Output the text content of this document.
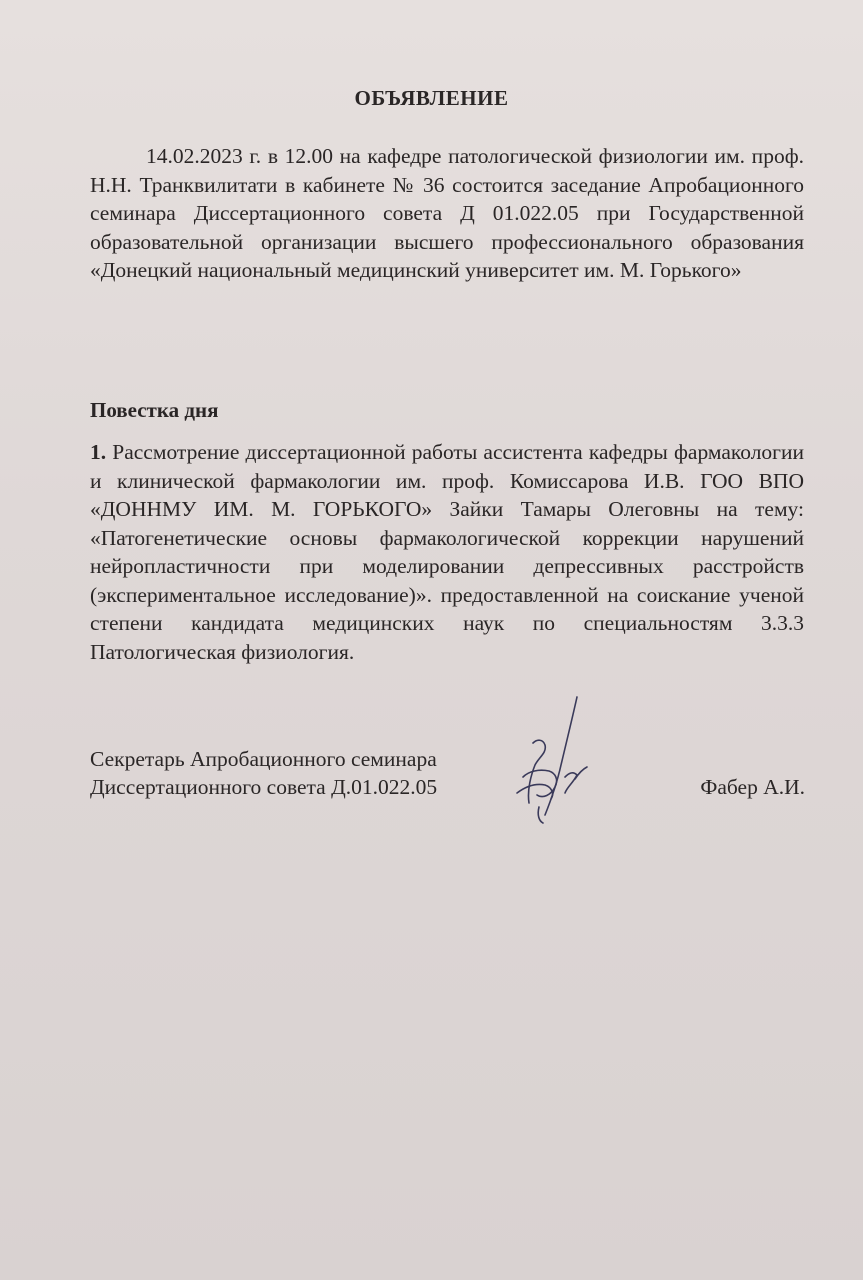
ОБЪЯВЛЕНИЕ
14.02.2023 г. в 12.00 на кафедре патологической физиологии им. проф. Н.Н. Транквилитати в кабинете № 36 состоится заседание Апробационного семинара Диссертационного совета Д 01.022.05 при Государственной образовательной организации высшего профессионального образования «Донецкий национальный медицинский университет им. М. Горького»
Повестка дня
1. Рассмотрение диссертационной работы ассистента кафедры фармакологии и клинической фармакологии им. проф. Комиссарова И.В. ГОО ВПО «ДОННМУ ИМ. М. ГОРЬКОГО» Зайки Тамары Олеговны на тему: «Патогенетические основы фармакологической коррекции нарушений нейропластичности при моделировании депрессивных расстройств (экспериментальное исследование)». предоставленной на соискание ученой степени кандидата медицинских наук по специальностям 3.3.3 Патологическая физиология.
Секретарь Апробационного семинара
Диссертационного совета Д.01.022.05	Фабер А.И.
